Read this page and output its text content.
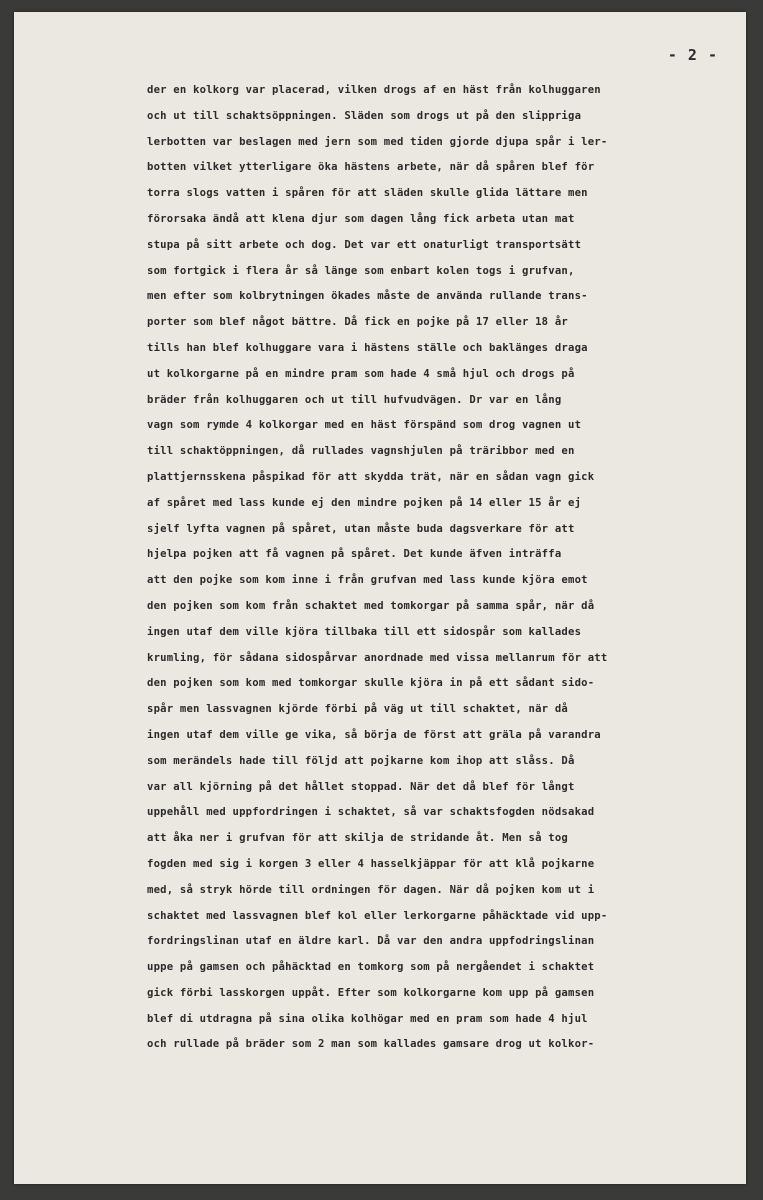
- 2 -
der en kolkorg var placerad, vilken drogs af en häst från kolhuggaren
och ut till schaktsöppningen. Släden som drogs ut på den slippriga
lerbotten var beslagen med jern som med tiden gjorde djupa spår i ler-
botten vilket ytterligare öka hästens arbete, när då spåren blef för
torra slogs vatten i spåren för att släden skulle glida lättare men
förorsaka ändå att klena djur som dagen lång fick arbeta utan mat
stupa på sitt arbete och dog. Det var ett onaturligt transportsätt
som fortgick i flera år så länge som enbart kolen togs i grufvan,
men efter som kolbrytningen ökades måste de använda rullande trans-
porter som blef något bättre. Då fick en pojke på 17 eller 18 år
tills han blef kolhuggare vara i hästens ställe och baklänges draga
ut kolkorgarne på en mindre pram som hade 4 små hjul och drogs på
bräder från kolhuggaren och ut till hufvudvägen. Dr var en lång
vagn som rymde 4 kolkorgar med en häst förspänd som drog vagnen ut
till schaktöppningen, då rullades vagnshjulen på träribbor med en
plattjernsskena påspikad för att skydda trät, när en sådan vagn gick
af spåret med lass kunde ej den mindre pojken på 14 eller 15 år ej
sjelf lyfta vagnen på spåret, utan måste buda dagsverkare för att
hjelpa pojken att få vagnen på spåret. Det kunde äfven inträffa
att den pojke som kom inne i från grufvan med lass kunde kjöra emot
den pojken som kom från schaktet med tomkorgar på samma spår, när då
ingen utaf dem ville kjöra tillbaka till ett sidospår som kallades
krumling, för sådana sidospårvar anordnade med vissa mellanrum för att
den pojken som kom med tomkorgar skulle kjöra in på ett sådant sido-
spår men lassvagnen kjörde förbi på väg ut till schaktet, när då
ingen utaf dem ville ge vika, så börja de först att gräla på varandra
som merändels hade till följd att pojkarne kom ihop att slåss. Då
var all kjörning på det hållet stoppad. När det då blef för långt
uppehåll med uppfordringen i schaktet, så var schaktsfogden nödsakad
att åka ner i grufvan för att skilja de stridande åt. Men så tog
fogden med sig i korgen 3 eller 4 hasselkjäppar för att klå pojkarne
med, så stryk hörde till ordningen för dagen. När då pojken kom ut i
schaktet med lassvagnen blef kol eller lerkorgarne påhäcktade vid upp-
fordringslinan utaf en äldre karl. Då var den andra uppfodringslinan
uppe på gamsen och påhäcktad en tomkorg som på nergåendet i schaktet
gick förbi lasskorgen uppåt. Efter som kolkorgarne kom upp på gamsen
blef di utdragna på sina olika kolhögar med en pram som hade 4 hjul
och rullade på bräder som 2 man som kallades gamsare drog ut kolkor-
